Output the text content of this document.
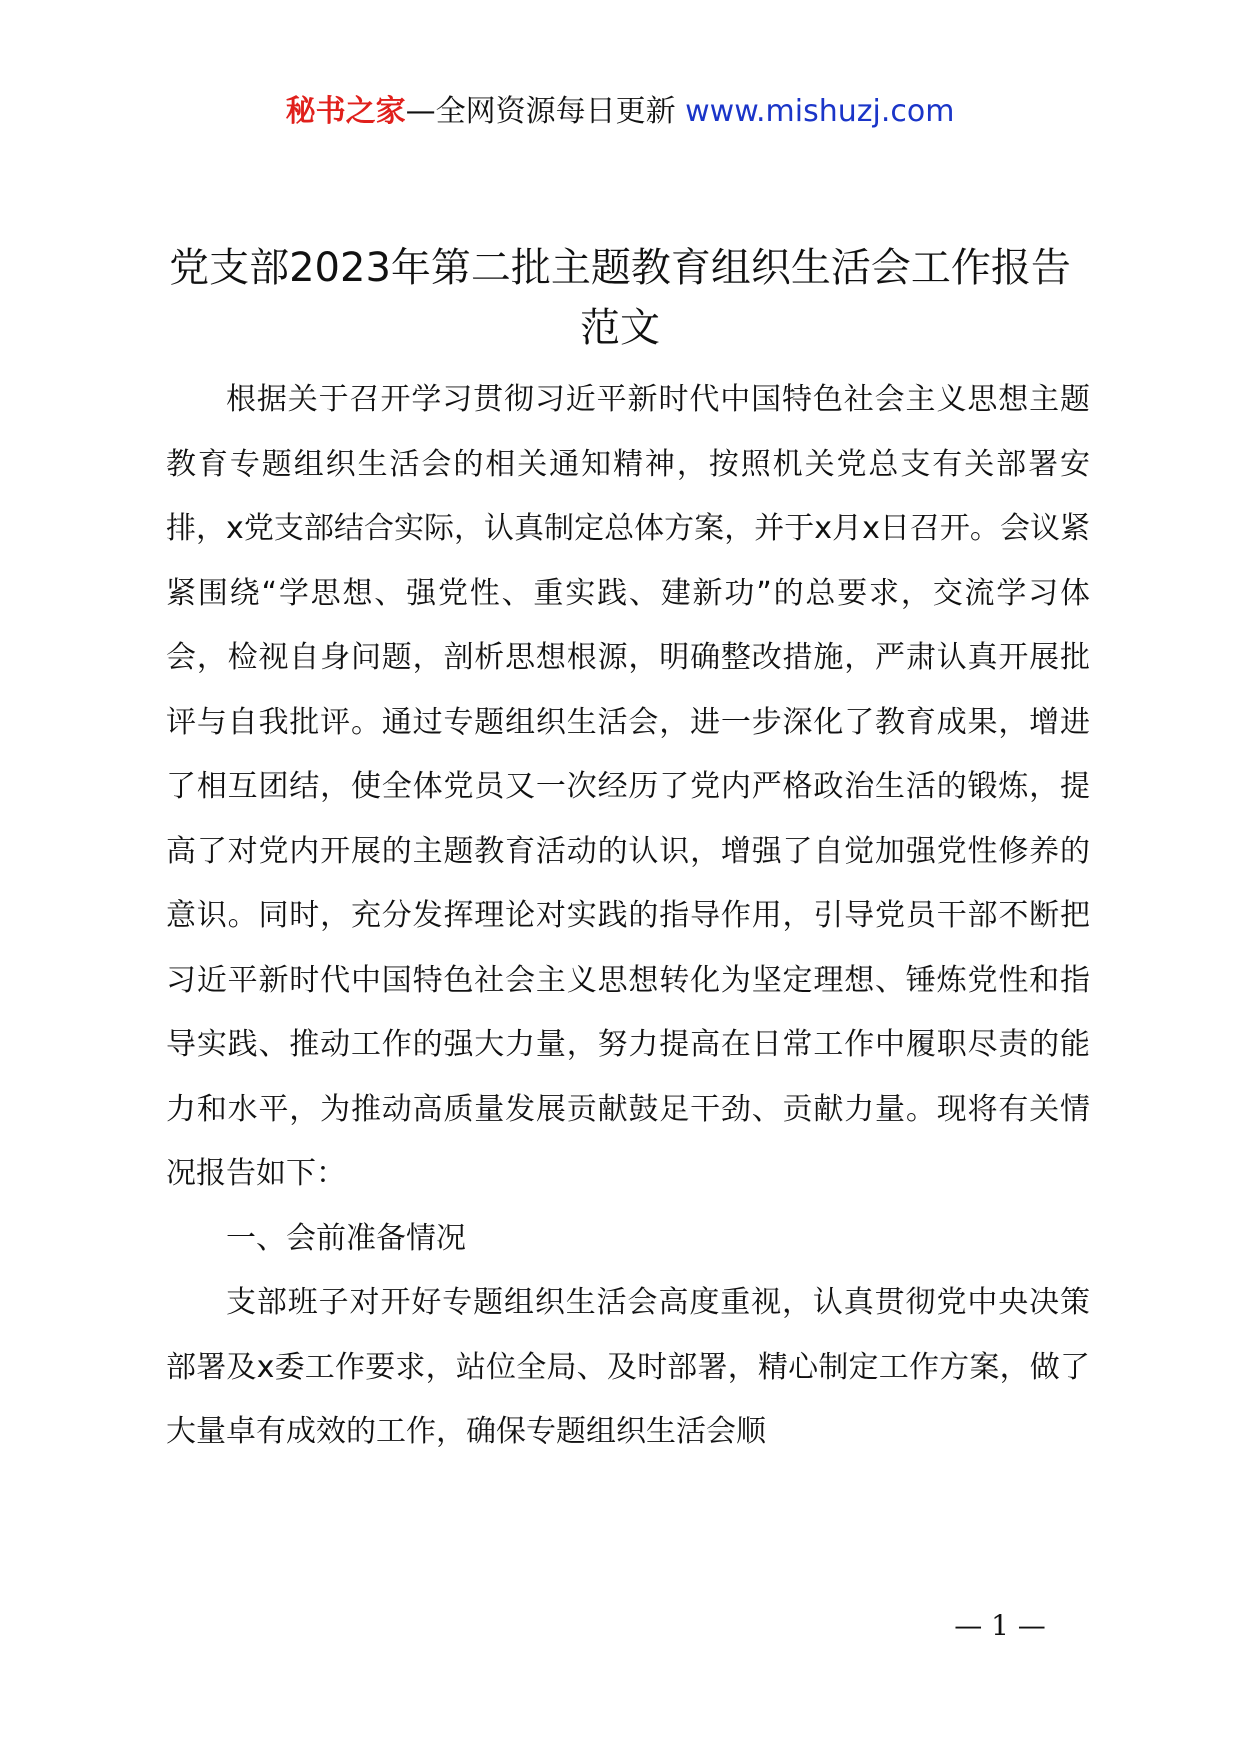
秘书之家—全网资源每日更新 www.mishuzj.com
党支部2023年第二批主题教育组织生活会工作报告范文

根据关于召开学习贯彻习近平新时代中国特色社会主义思想主题教育专题组织生活会的相关通知精神，按照机关党总支有关部署安排，x党支部结合实际，认真制定总体方案，并于x月x日召开。会议紧紧围绕“学思想、强党性、重实践、建新功”的总要求，交流学习体会，检视自身问题，剖析思想根源，明确整改措施，严肃认真开展批评与自我批评。通过专题组织生活会，进一步深化了教育成果，增进了相互团结，使全体党员又一次经历了党内严格政治生活的锻炼，提高了对党内开展的主题教育活动的认识，增强了自觉加强党性修养的意识。同时，充分发挥理论对实践的指导作用，引导党员干部不断把习近平新时代中国特色社会主义思想转化为坚定理想、锤炼党性和指导实践、推动工作的强大力量，努力提高在日常工作中履职尽责的能力和水平，为推动高质量发展贡献鼓足干劲、贡献力量。现将有关情况报告如下：

一、会前准备情况

支部班子对开好专题组织生活会高度重视，认真贯彻党中央决策部署及x委工作要求，站位全局、及时部署，精心制定工作方案，做了大量卓有成效的工作，确保专题组织生活会顺

— 1 —
